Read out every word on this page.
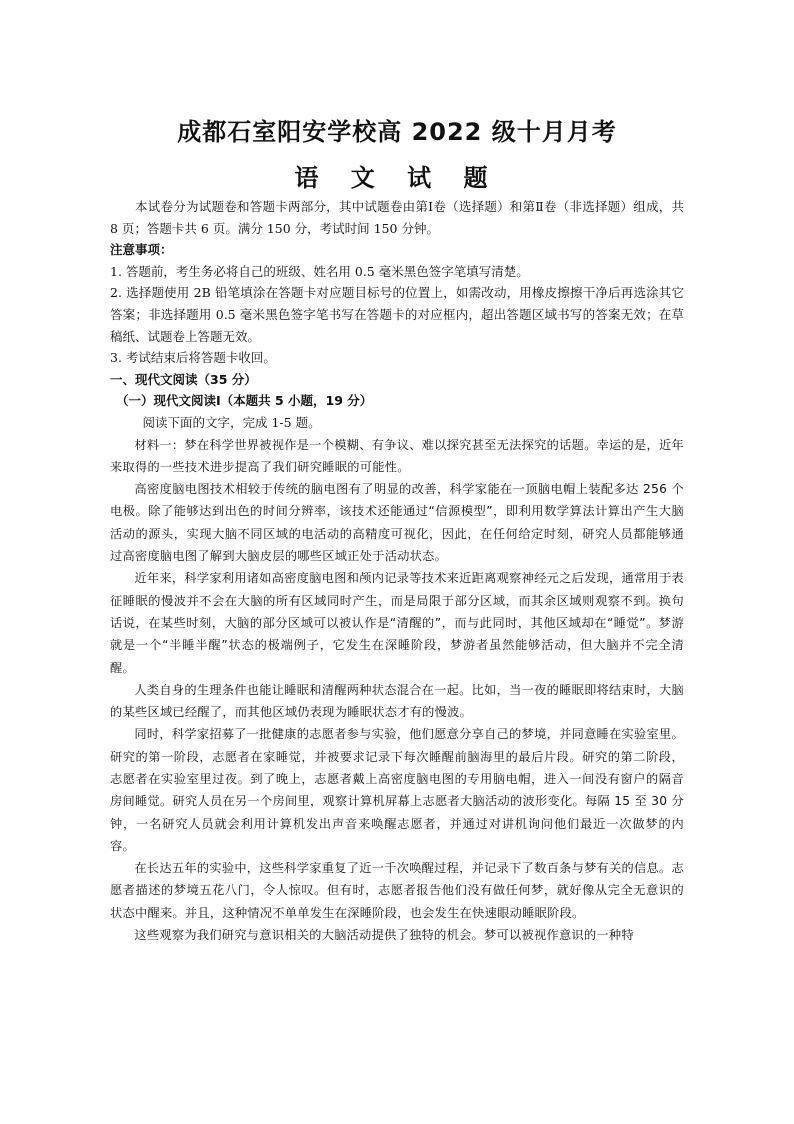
成都石室阳安学校高 2022 级十月月考
语 文 试 题

本试卷分为试题卷和答题卡两部分，其中试题卷由第Ⅰ卷（选择题）和第Ⅱ卷（非选择题）组成，共 8 页；答题卡共 6 页。满分 150 分，考试时间 150 分钟。

注意事项：

1. 答题前，考生务必将自己的班级、姓名用 0.5 毫米黑色签字笔填写清楚。

2. 选择题使用 2B 铅笔填涂在答题卡对应题目标号的位置上，如需改动，用橡皮擦擦干净后再选涂其它答案；非选择题用 0.5 毫米黑色签字笔书写在答题卡的对应框内，超出答题区域书写的答案无效；在草稿纸、试题卷上答题无效。

3. 考试结束后将答题卡收回。

一、现代文阅读（35 分）

（一）现代文阅读Ⅰ（本题共 5 小题，19 分）

阅读下面的文字，完成 1-5 题。

材料一：梦在科学世界被视作是一个模糊、有争议、难以探究甚至无法探究的话题。幸运的是，近年来取得的一些技术进步提高了我们研究睡眠的可能性。

高密度脑电图技术相较于传统的脑电图有了明显的改善，科学家能在一顶脑电帽上装配多达 256 个电极。除了能够达到出色的时间分辨率，该技术还能通过“信源模型”，即利用数学算法计算出产生大脑活动的源头，实现大脑不同区域的电活动的高精度可视化，因此，在任何给定时刻，研究人员都能够通过高密度脑电图了解到大脑皮层的哪些区域正处于活动状态。

近年来，科学家利用诸如高密度脑电图和颅内记录等技术来近距离观察神经元之后发现，通常用于表征睡眠的慢波并不会在大脑的所有区域同时产生，而是局限于部分区域，而其余区域则观察不到。换句话说，在某些时刻，大脑的部分区域可以被认作是“清醒的”，而与此同时，其他区域却在“睡觉”。梦游就是一个“半睡半醒”状态的极端例子，它发生在深睡阶段，梦游者虽然能够活动，但大脑并不完全清醒。

人类自身的生理条件也能让睡眠和清醒两种状态混合在一起。比如，当一夜的睡眠即将结束时，大脑的某些区域已经醒了，而其他区域仍表现为睡眠状态才有的慢波。

同时，科学家招募了一批健康的志愿者参与实验，他们愿意分享自己的梦境，并同意睡在实验室里。研究的第一阶段，志愿者在家睡觉，并被要求记录下每次睡醒前脑海里的最后片段。研究的第二阶段，志愿者在实验室里过夜。到了晚上，志愿者戴上高密度脑电图的专用脑电帽，进入一间没有窗户的隔音房间睡觉。研究人员在另一个房间里，观察计算机屏幕上志愿者大脑活动的波形变化。每隔 15 至 30 分钟，一名研究人员就会利用计算机发出声音来唤醒志愿者，并通过对讲机询问他们最近一次做梦的内容。

在长达五年的实验中，这些科学家重复了近一千次唤醒过程，并记录下了数百条与梦有关的信息。志愿者描述的梦境五花八门，令人惊叹。但有时，志愿者报告他们没有做任何梦，就好像从完全无意识的状态中醒来。并且，这种情况不单单发生在深睡阶段，也会发生在快速眼动睡眠阶段。

这些观察为我们研究与意识相关的大脑活动提供了独特的机会。梦可以被视作意识的一种特
